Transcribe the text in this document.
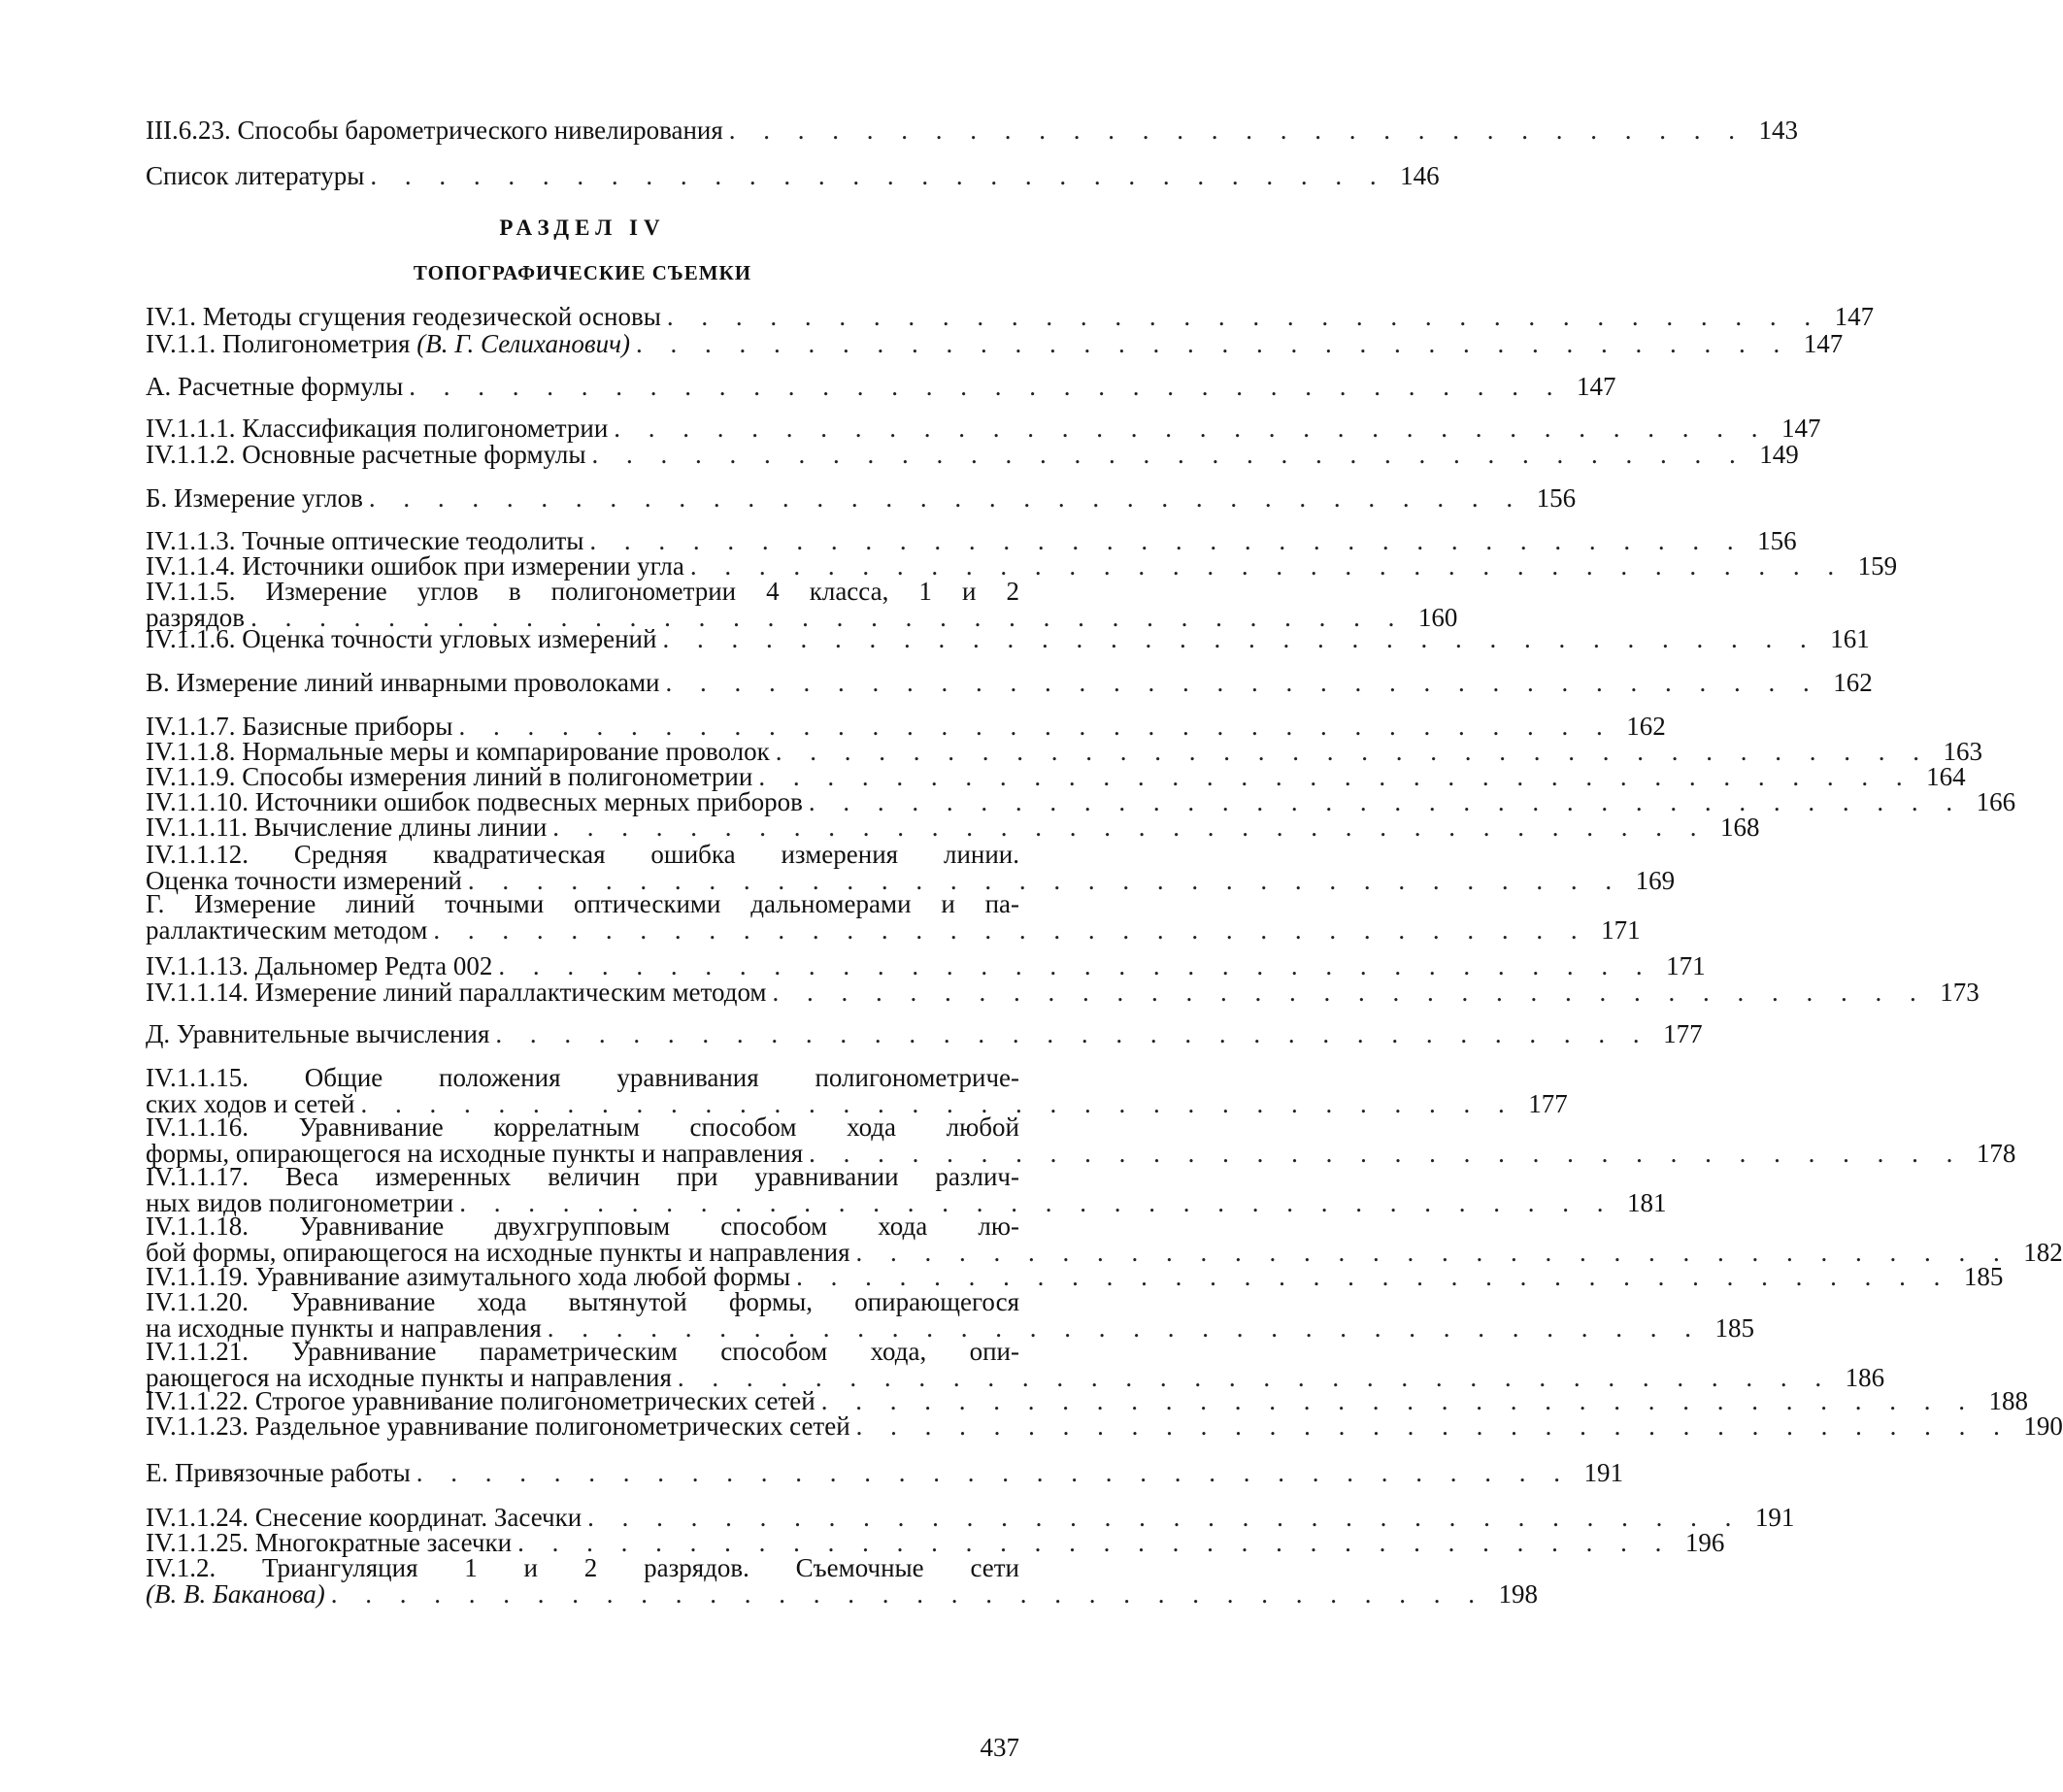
III.6.23. Способы барометрического нивелирования . . . . . . . . . . . . . . . . . . . . . . . . . . . . . . 143
Список литературы . . . . . . . . . . . . . . . . . . . . . . . . . . . . . . 146
РАЗДЕЛ IV
ТОПОГРАФИЧЕСКИЕ СЪЕМКИ
IV.1. Методы сгущения геодезической основы . . . . . . . . . . . . . . . . . . . . . . . . . . . . . . . . . . 147
IV.1.1. Полигонометрия (В. Г. Селиханович) . . . . . . . . . . . . . . . . . . . . . . . . . . . . . . . . . . 147
А. Расчетные формулы . . . . . . . . . . . . . . . . . . . . . . . . . . . . . . . . . . 147
IV.1.1.1. Классификация полигонометрии . . . . . . . . . . . . . . . . . . . . . . . . . . . . . . . . . . 147
IV.1.1.2. Основные расчетные формулы . . . . . . . . . . . . . . . . . . . . . . . . . . . . . . . . . . 149
Б. Измерение углов . . . . . . . . . . . . . . . . . . . . . . . . . . . . . . . . . . 156
IV.1.1.3. Точные оптические теодолиты . . . . . . . . . . . . . . . . . . . . . . . . . . . . . . . . . . 156
IV.1.1.4. Источники ошибок при измерении угла . . . . . . . . . . . . . . . . . . . . . . . . . . . . . . . . . . 159
IV.1.1.5. Измерение углов в полигонометрии 4 класса, 1 и 2
разрядов . . . . . . . . . . . . . . . . . . . . . . . . . . . . . . . . . . 160
IV.1.1.6. Оценка точности угловых измерений . . . . . . . . . . . . . . . . . . . . . . . . . . . . . . . . . . 161
В. Измерение линий инварными проволоками . . . . . . . . . . . . . . . . . . . . . . . . . . . . . . . . . . 162
IV.1.1.7. Базисные приборы . . . . . . . . . . . . . . . . . . . . . . . . . . . . . . . . . . 162
IV.1.1.8. Нормальные меры и компарирование проволок . . . . . . . . . . . . . . . . . . . . . . . . . . . . . . . . . . 163
IV.1.1.9. Способы измерения линий в полигонометрии . . . . . . . . . . . . . . . . . . . . . . . . . . . . . . . . . . 164
IV.1.1.10. Источники ошибок подвесных мерных приборов . . . . . . . . . . . . . . . . . . . . . . . . . . . . . . . . . . 166
IV.1.1.11. Вычисление длины линии . . . . . . . . . . . . . . . . . . . . . . . . . . . . . . . . . . 168
IV.1.1.12. Средняя квадратическая ошибка измерения линии.
Оценка точности измерений . . . . . . . . . . . . . . . . . . . . . . . . . . . . . . . . . . 169
Г. Измерение линий точными оптическими дальномерами и па-
раллактическим методом . . . . . . . . . . . . . . . . . . . . . . . . . . . . . . . . . . 171
IV.1.1.13. Дальномер Редта 002 . . . . . . . . . . . . . . . . . . . . . . . . . . . . . . . . . . 171
IV.1.1.14. Измерение линий параллактическим методом . . . . . . . . . . . . . . . . . . . . . . . . . . . . . . . . . . 173
Д. Уравнительные вычисления . . . . . . . . . . . . . . . . . . . . . . . . . . . . . . . . . . 177
IV.1.1.15. Общие положения уравнивания полигонометриче-
ских ходов и сетей . . . . . . . . . . . . . . . . . . . . . . . . . . . . . . . . . . 177
IV.1.1.16. Уравнивание коррелатным способом хода любой
формы, опирающегося на исходные пункты и направления . . . . . . . . . . . . . . . . . . . . . . . . . . . . . . . . . . 178
IV.1.1.17. Веса измеренных величин при уравнивании различ-
ных видов полигонометрии . . . . . . . . . . . . . . . . . . . . . . . . . . . . . . . . . . 181
IV.1.1.18. Уравнивание двухгрупповым способом хода лю-
бой формы, опирающегося на исходные пункты и направления . . . . . . . . . . . . . . . . . . . . . . . . . . . . . . . . . . 182
IV.1.1.19. Уравнивание азимутального хода любой формы . . . . . . . . . . . . . . . . . . . . . . . . . . . . . . . . . . 185
IV.1.1.20. Уравнивание хода вытянутой формы, опирающегося
на исходные пункты и направления . . . . . . . . . . . . . . . . . . . . . . . . . . . . . . . . . . 185
IV.1.1.21. Уравнивание параметрическим способом хода, опи-
рающегося на исходные пункты и направления . . . . . . . . . . . . . . . . . . . . . . . . . . . . . . . . . . 186
IV.1.1.22. Строгое уравнивание полигонометрических сетей . . . . . . . . . . . . . . . . . . . . . . . . . . . . . . . . . . 188
IV.1.1.23. Раздельное уравнивание полигонометрических сетей . . . . . . . . . . . . . . . . . . . . . . . . . . . . . . . . . . 190
Е. Привязочные работы . . . . . . . . . . . . . . . . . . . . . . . . . . . . . . . . . . 191
IV.1.1.24. Снесение координат. Засечки . . . . . . . . . . . . . . . . . . . . . . . . . . . . . . . . . . 191
IV.1.1.25. Многократные засечки . . . . . . . . . . . . . . . . . . . . . . . . . . . . . . . . . . 196
IV.1.2. Триангуляция 1 и 2 разрядов. Съемочные сети
(В. В. Баканова) . . . . . . . . . . . . . . . . . . . . . . . . . . . . . . . . . . 198
437
